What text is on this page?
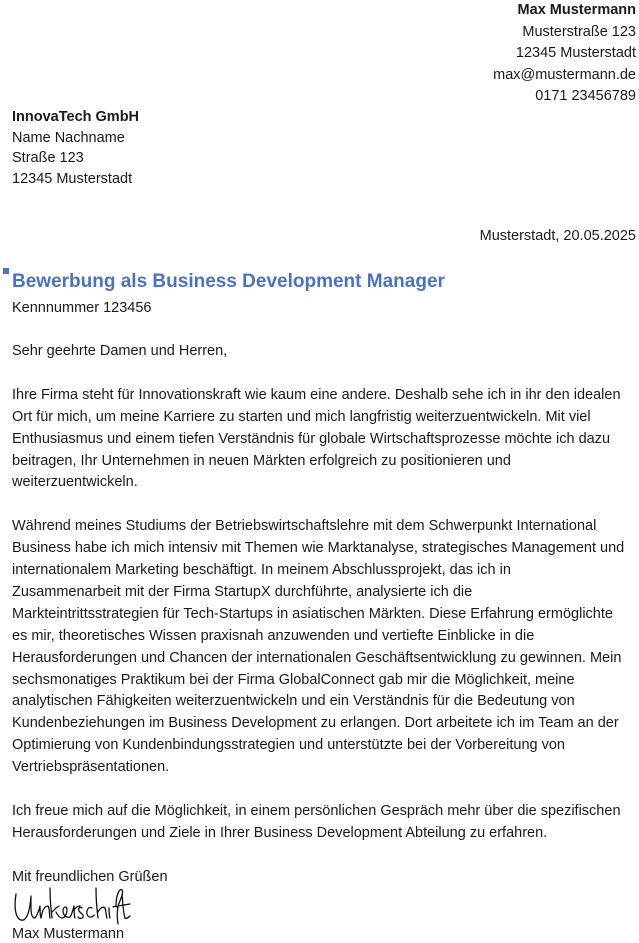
Max Mustermann
Musterstraße 123
12345 Musterstadt
max@mustermann.de
0171 23456789
InnovaTech GmbH
Name Nachname
Straße 123
12345 Musterstadt
Musterstadt, 20.05.2025
Bewerbung als Business Development Manager
Kennnummer 123456

Sehr geehrte Damen und Herren,

Ihre Firma steht für Innovationskraft wie kaum eine andere. Deshalb sehe ich in ihr den idealen

Ort für mich, um meine Karriere zu starten und mich langfristig weiterzuentwickeln. Mit viel

Enthusiasmus und einem tiefen Verständnis für globale Wirtschaftsprozesse möchte ich dazu

beitragen, Ihr Unternehmen in neuen Märkten erfolgreich zu positionieren und

weiterzuentwickeln.

Während meines Studiums der Betriebswirtschaftslehre mit dem Schwerpunkt International

Business habe ich mich intensiv mit Themen wie Marktanalyse, strategisches Management und

internationalem Marketing beschäftigt. In meinem Abschlussprojekt, das ich in

Zusammenarbeit mit der Firma StartupX durchführte, analysierte ich die

Markteintrittsstrategien für Tech-Startups in asiatischen Märkten. Diese Erfahrung ermöglichte

es mir, theoretisches Wissen praxisnah anzuwenden und vertiefte Einblicke in die

Herausforderungen und Chancen der internationalen Geschäftsentwicklung zu gewinnen. Mein

sechsmonatiges Praktikum bei der Firma GlobalConnect gab mir die Möglichkeit, meine

analytischen Fähigkeiten weiterzuentwickeln und ein Verständnis für die Bedeutung von

Kundenbeziehungen im Business Development zu erlangen. Dort arbeitete ich im Team an der

Optimierung von Kundenbindungsstrategien und unterstützte bei der Vorbereitung von

Vertriebspräsentationen.

Ich freue mich auf die Möglichkeit, in einem persönlichen Gespräch mehr über die spezifischen

Herausforderungen und Ziele in Ihrer Business Development Abteilung zu erfahren.

Mit freundlichen Grüßen

Max Mustermann
